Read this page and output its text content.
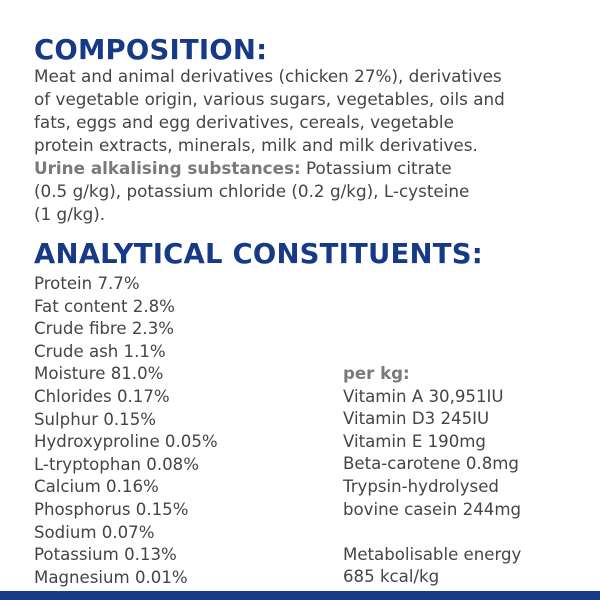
COMPOSITION:
Meat and animal derivatives (chicken 27%), derivatives
of vegetable origin, various sugars, vegetables, oils and
fats, eggs and egg derivatives, cereals, vegetable
protein extracts, minerals, milk and milk derivatives.
Urine alkalising substances: Potassium citrate
(0.5 g/kg), potassium chloride (0.2 g/kg), L-cysteine
(1 g/kg).
ANALYTICAL CONSTITUENTS:
Protein 7.7%
Fat content 2.8%
Crude fibre 2.3%
Crude ash 1.1%
Moisture 81.0%
Chlorides 0.17%
Sulphur 0.15%
Hydroxyproline 0.05%
L-tryptophan 0.08%
Calcium 0.16%
Phosphorus 0.15%
Sodium 0.07%
Potassium 0.13%
Magnesium 0.01%
per kg:
Vitamin A 30,951IU
Vitamin D3 245IU
Vitamin E 190mg
Beta-carotene 0.8mg
Trypsin-hydrolysed
bovine casein 244mg
Metabolisable energy
685 kcal/kg
